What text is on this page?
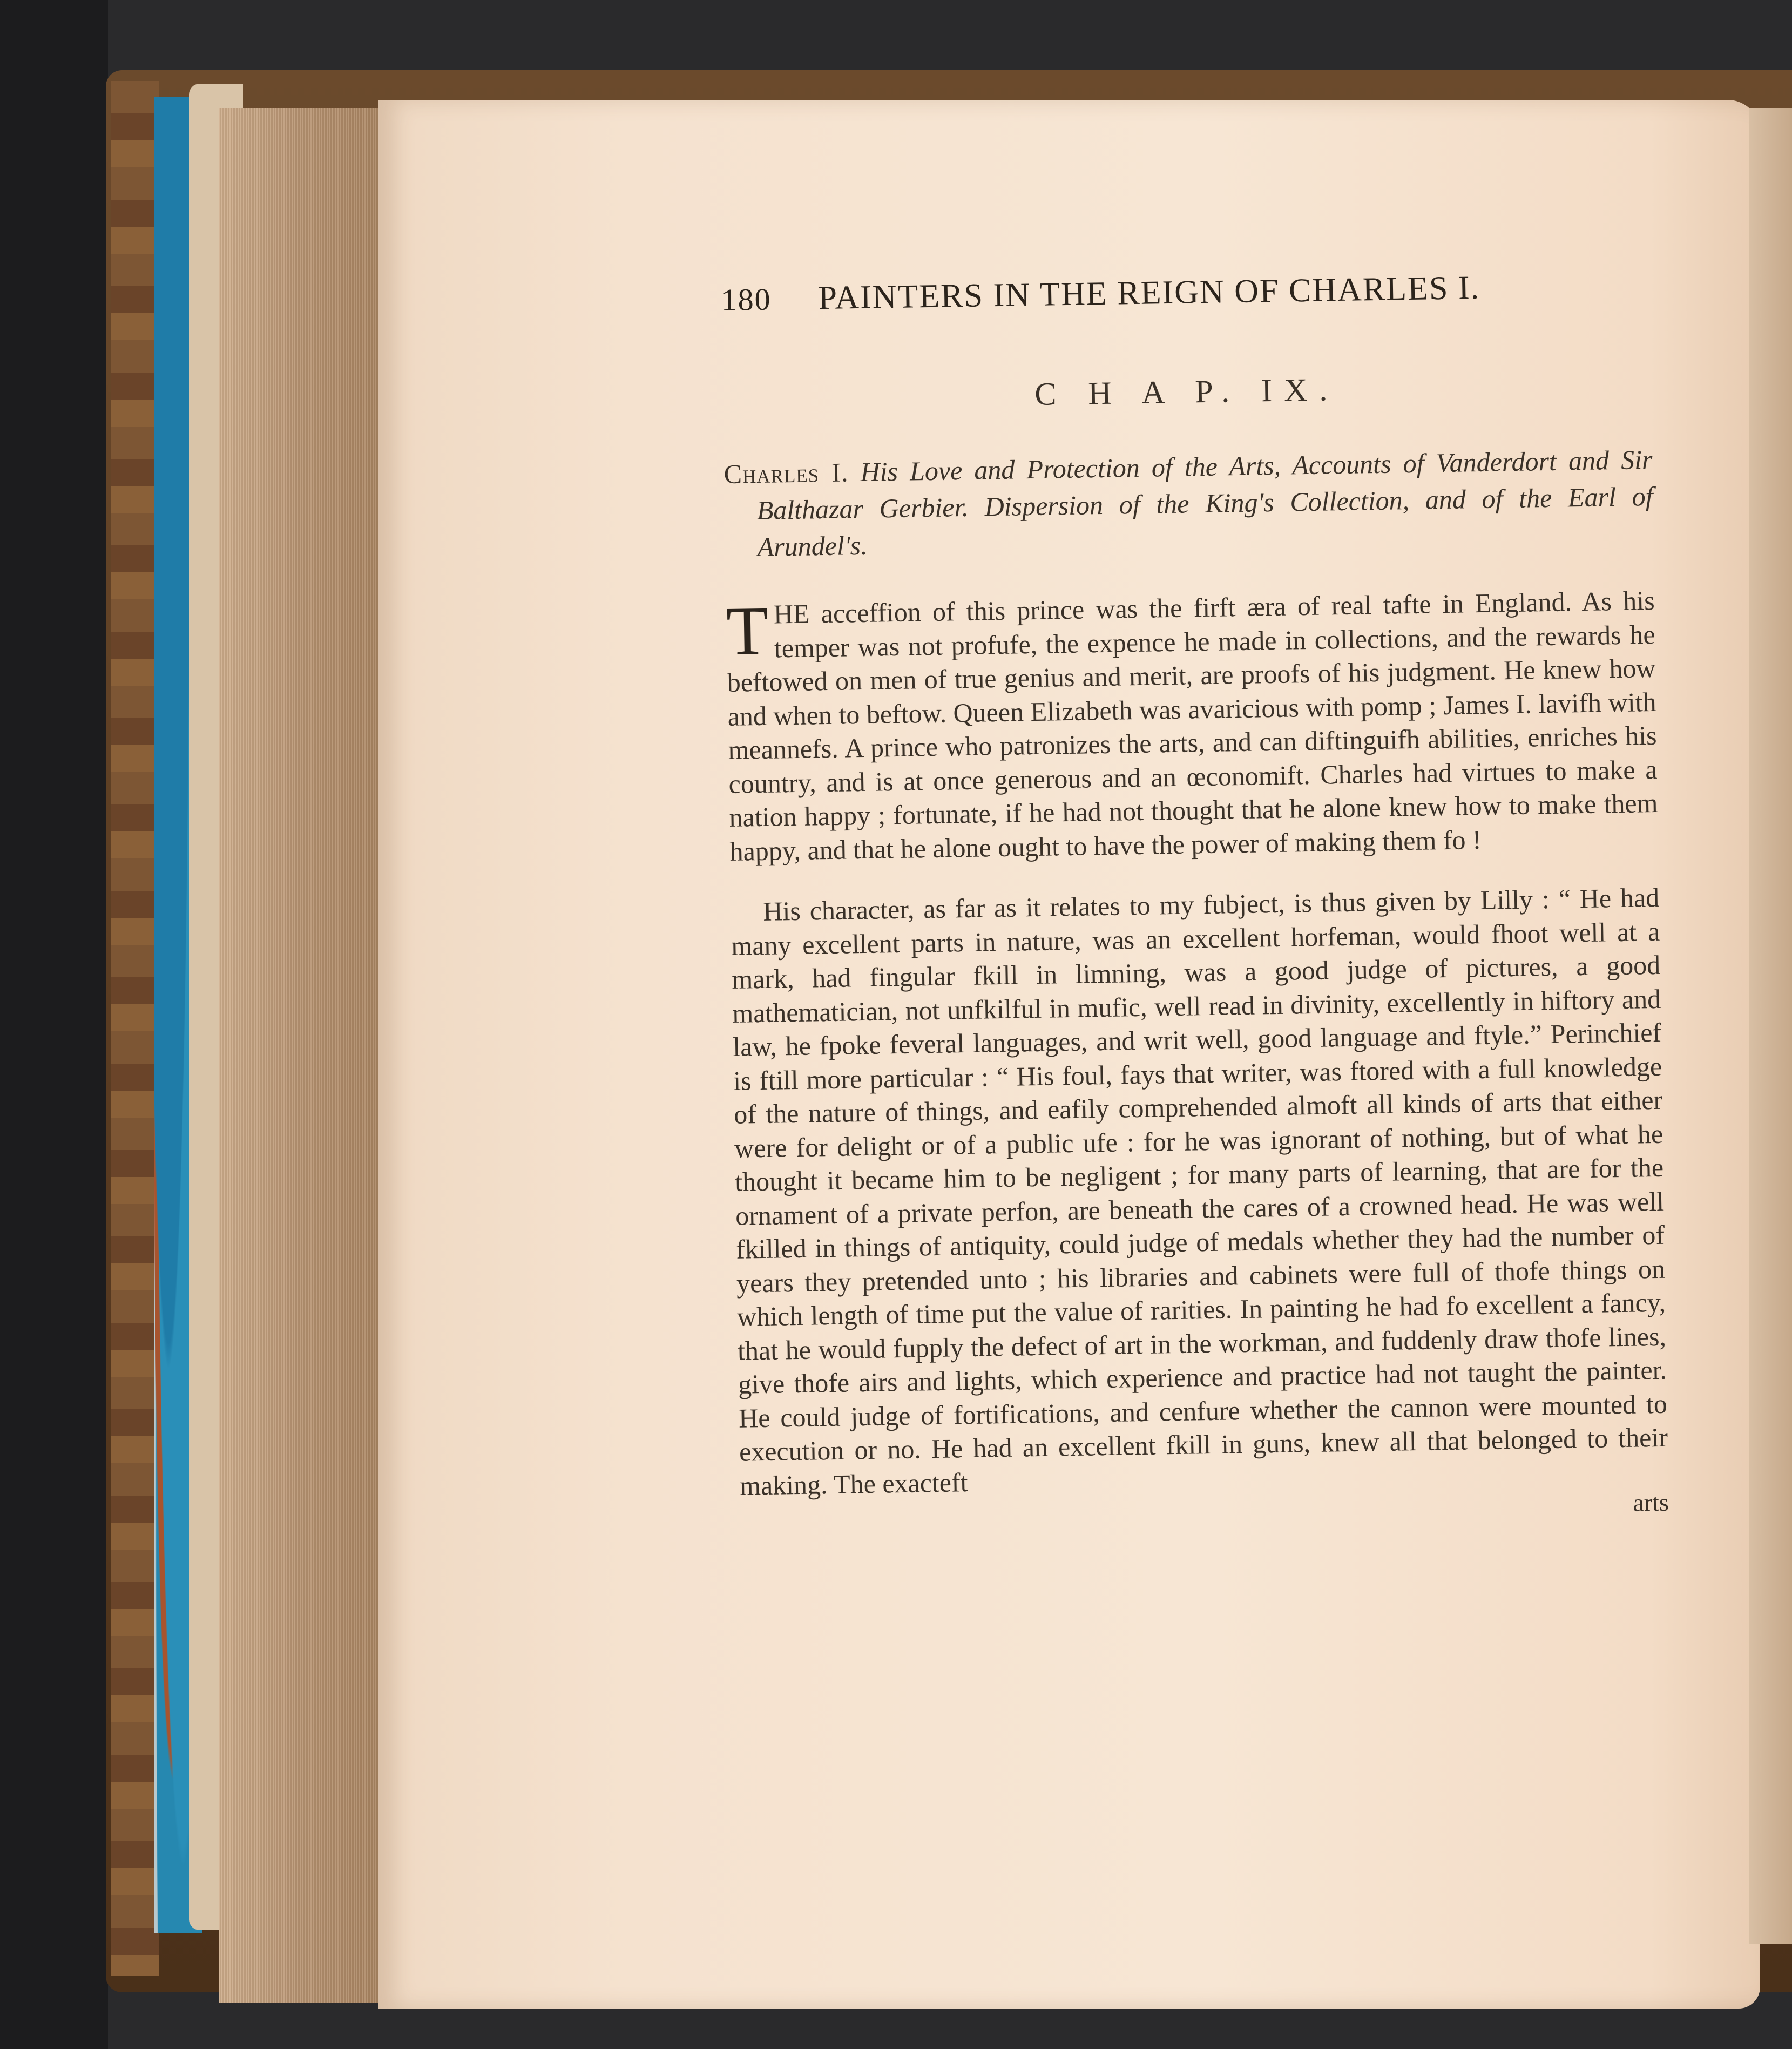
180	PAINTERS IN THE REIGN OF CHARLES I.
C H A P. IX.
Charles I. His Love and Protection of the Arts, Accounts of Vanderdort and Sir Balthazar Gerbier. Dispersion of the King's Collection, and of the Earl of Arundel's.

T HE acceffion of this prince was the firft æra of real tafte in England. As his temper was not profufe, the expence he made in collections, and the rewards he beftowed on men of true genius and merit, are proofs of his judgment. He knew how and when to beftow. Queen Elizabeth was avaricious with pomp ; James I. lavifh with meannefs. A prince who patronizes the arts, and can diftinguifh abilities, enriches his country, and is at once generous and an œconomift. Charles had virtues to make a nation happy ; fortunate, if he had not thought that he alone knew how to make them happy, and that he alone ought to have the power of making them fo !

His character, as far as it relates to my fubject, is thus given by Lilly : “ He had many excellent parts in nature, was an excellent horfeman, would fhoot well at a mark, had fingular fkill in limning, was a good judge of pictures, a good mathematician, not unfkilful in mufic, well read in divinity, excellently in hiftory and law, he fpoke feveral languages, and writ well, good language and ftyle.” Perinchief is ftill more particular : “ His foul, fays that writer, was ftored with a full knowledge of the nature of things, and eafily comprehended almoft all kinds of arts that either were for delight or of a public ufe : for he was ignorant of nothing, but of what he thought it became him to be negligent ; for many parts of learning, that are for the ornament of a private perfon, are beneath the cares of a crowned head. He was well fkilled in things of antiquity, could judge of medals whether they had the number of years they pretended unto ; his libraries and cabinets were full of thofe things on which length of time put the value of rarities. In painting he had fo excellent a fancy, that he would fupply the defect of art in the workman, and fuddenly draw thofe lines, give thofe airs and lights, which experience and practice had not taught the painter. He could judge of fortifications, and cenfure whether the cannon were mounted to execution or no. He had an excellent fkill in guns, knew all that belonged to their making. The exacteft

arts
